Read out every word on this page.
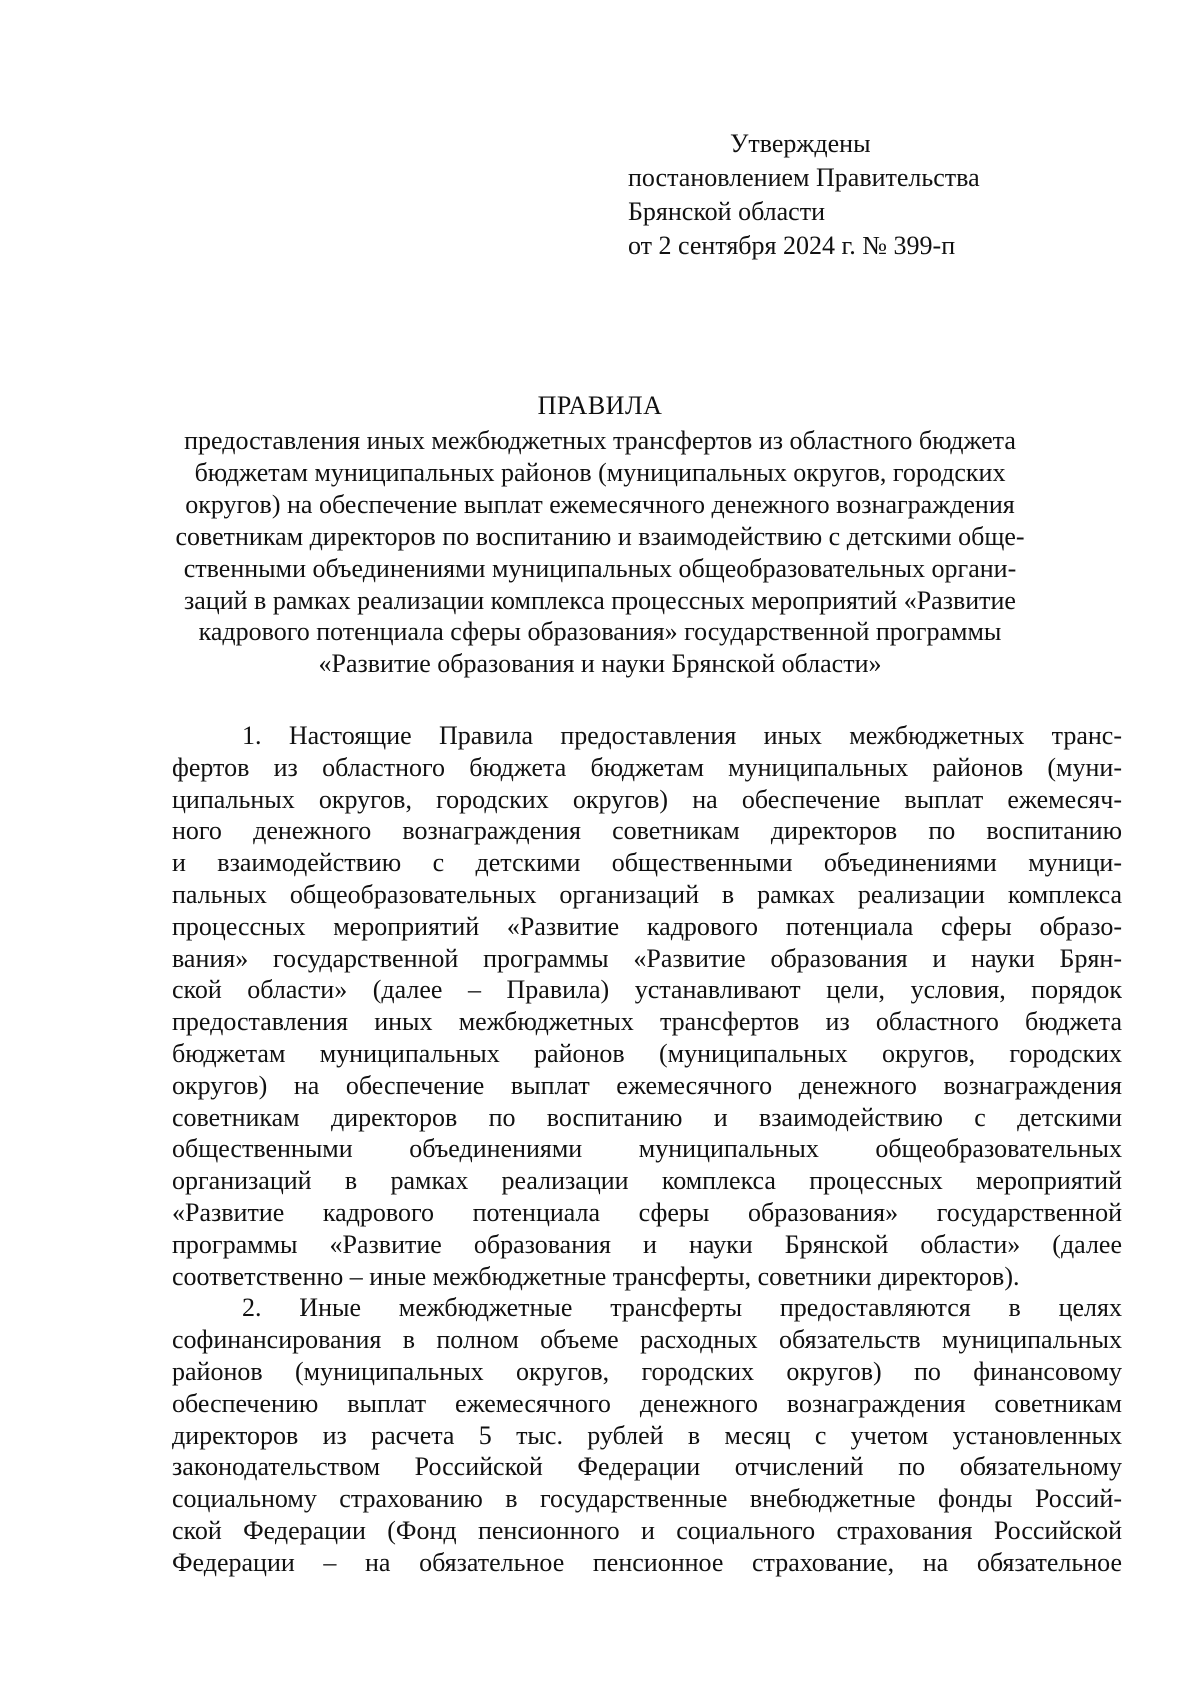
Утверждены
постановлением Правительства
Брянской области
от 2 сентября 2024 г. № 399-п
ПРАВИЛА
предоставления иных межбюджетных трансфертов из областного бюджета
бюджетам муниципальных районов (муниципальных округов, городских
округов) на обеспечение выплат ежемесячного денежного вознаграждения
советникам директоров по воспитанию и взаимодействию с детскими обще-
ственными объединениями муниципальных общеобразовательных органи-
заций в рамках реализации комплекса процессных мероприятий «Развитие
кадрового потенциала сферы образования» государственной программы
«Развитие образования и науки Брянской области»
1. Настоящие Правила предоставления иных межбюджетных транс-
фертов из областного бюджета бюджетам муниципальных районов (муни-
ципальных округов, городских округов) на обеспечение выплат ежемесяч-
ного денежного вознаграждения советникам директоров по воспитанию
и взаимодействию с детскими общественными объединениями муници-
пальных общеобразовательных организаций в рамках реализации комплекса
процессных мероприятий «Развитие кадрового потенциала сферы образо-
вания» государственной программы «Развитие образования и науки Брян-
ской области» (далее – Правила) устанавливают цели, условия, порядок
предоставления иных межбюджетных трансфертов из областного бюджета
бюджетам муниципальных районов (муниципальных округов, городских
округов) на обеспечение выплат ежемесячного денежного вознаграждения
советникам директоров по воспитанию и взаимодействию с детскими
общественными объединениями муниципальных общеобразовательных
организаций в рамках реализации комплекса процессных мероприятий
«Развитие кадрового потенциала сферы образования» государственной
программы «Развитие образования и науки Брянской области» (далее
соответственно – иные межбюджетные трансферты, советники директоров).
2. Иные межбюджетные трансферты предоставляются в целях
софинансирования в полном объеме расходных обязательств муниципальных
районов (муниципальных округов, городских округов) по финансовому
обеспечению выплат ежемесячного денежного вознаграждения советникам
директоров из расчета 5 тыс. рублей в месяц с учетом установленных
законодательством Российской Федерации отчислений по обязательному
социальному страхованию в государственные внебюджетные фонды Россий-
ской Федерации (Фонд пенсионного и социального страхования Российской
Федерации – на обязательное пенсионное страхование, на обязательное
